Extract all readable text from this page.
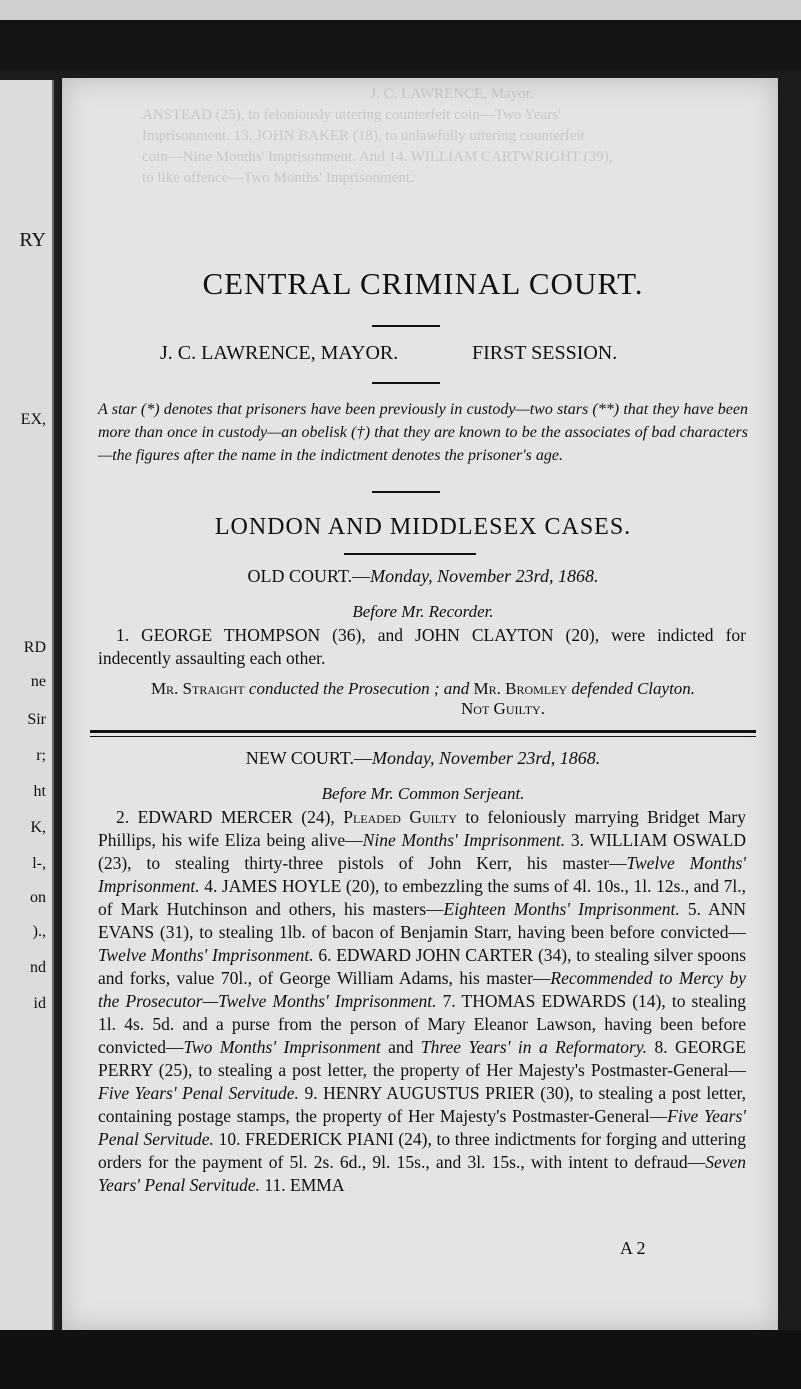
RY
EX,
RD
ne
Sir
r;
ht
K,
l-,
on
).,
nd
id
J. C. LAWRENCE, Mayor.
ANSTEAD (25), to feloniously uttering counterfeit coin—Two Years'
Imprisonment. 13. JOHN BAKER (18), to unlawfully uttering counterfeit
coin—Nine Months' Imprisonment. And 14. WILLIAM CARTWRIGHT (39),
to like offence—Two Months' Imprisonment.
CENTRAL CRIMINAL COURT.
J. C. LAWRENCE, MAYOR.	FIRST SESSION.
A star (*) denotes that prisoners have been previously in custody—two stars (**) that they have been more than once in custody—an obelisk (†) that they are known to be the associates of bad characters—the figures after the name in the indictment denotes the prisoner's age.
LONDON AND MIDDLESEX CASES.
OLD COURT.—Monday, November 23rd, 1868.
Before Mr. Recorder.
1. GEORGE THOMPSON (36), and JOHN CLAYTON (20), were indicted for indecently assaulting each other.
Mr. Straight conducted the Prosecution ; and Mr. Bromley defended Clayton.
Not Guilty.
NEW COURT.—Monday, November 23rd, 1868.
Before Mr. Common Serjeant.
2. EDWARD MERCER (24), Pleaded Guilty to feloniously marrying Bridget Mary Phillips, his wife Eliza being alive—Nine Months' Imprisonment. 3. WILLIAM OSWALD (23), to stealing thirty-three pistols of John Kerr, his master—Twelve Months' Imprisonment. 4. JAMES HOYLE (20), to embezzling the sums of 4l. 10s., 1l. 12s., and 7l., of Mark Hutchinson and others, his masters—Eighteen Months' Imprisonment. 5. ANN EVANS (31), to stealing 1lb. of bacon of Benjamin Starr, having been before convicted—Twelve Months' Imprisonment. 6. EDWARD JOHN CARTER (34), to stealing silver spoons and forks, value 70l., of George William Adams, his master—Recommended to Mercy by the Prosecutor—Twelve Months' Imprisonment. 7. THOMAS EDWARDS (14), to stealing 1l. 4s. 5d. and a purse from the person of Mary Eleanor Lawson, having been before convicted—Two Months' Imprisonment and Three Years' in a Reformatory. 8. GEORGE PERRY (25), to stealing a post letter, the property of Her Majesty's Postmaster-General—Five Years' Penal Servitude. 9. HENRY AUGUSTUS PRIER (30), to stealing a post letter, containing postage stamps, the property of Her Majesty's Postmaster-General—Five Years' Penal Servitude. 10. FREDERICK PIANI (24), to three indictments for forging and uttering orders for the payment of 5l. 2s. 6d., 9l. 15s., and 3l. 15s., with intent to defraud—Seven Years' Penal Servitude. 11. EMMA
A 2
